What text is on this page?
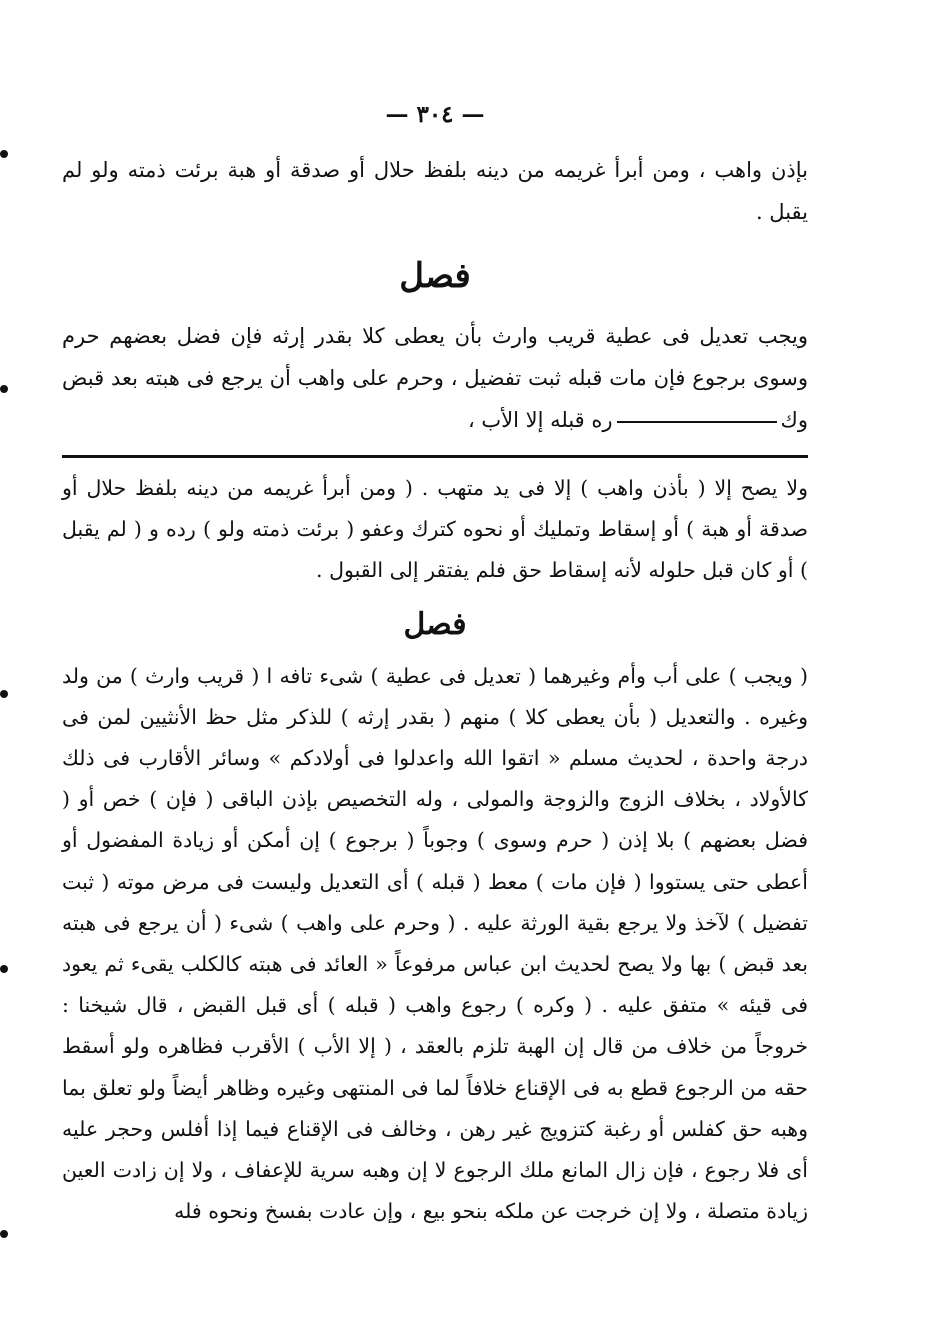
— ٣٠٤ —

بإذن واهب ، ومن أبرأ غريمه من دينه بلفظ حلال أو صدقة أو هبة برئت ذمته ولو لم يقبل .

فصل

ويجب تعديل فى عطية قريب وارث بأن يعطى كلا بقدر إرثه فإن فضل بعضهم حرم وسوى برجوع فإن مات قبله ثبت تفضيل ، وحرم على واهب أن يرجع فى هبته بعد قبض وكره قبله إلا الأب ،

ولا يصح إلا ( بأذن واهب ) إلا فى يد متهب . ( ومن أبرأ غريمه من دينه بلفظ حلال أو صدقة أو هبة ) أو إسقاط وتمليك أو نحوه كترك وعفو ( برئت ذمته ولو ) رده و ( لم يقبل ) أو كان قبل حلوله لأنه إسقاط حق فلم يفتقر إلى القبول .

فصل

( ويجب ) على أب وأم وغيرهما ( تعديل فى عطية ) شىء تافه ا ( قريب وارث ) من ولد وغيره . والتعديل ( بأن يعطى كلا ) منهم ( بقدر إرثه ) للذكر مثل حظ الأنثيين لمن فى درجة واحدة ، لحديث مسلم « اتقوا الله واعدلوا فى أولادكم » وسائر الأقارب فى ذلك كالأولاد ، بخلاف الزوج والزوجة والمولى ، وله التخصيص بإذن الباقى ( فإن ) خص أو ( فضل بعضهم ) بلا إذن ( حرم وسوى ) وجوباً ( برجوع ) إن أمكن أو زيادة المفضول أو أعطى حتى يستووا ( فإن مات ) معط ( قبله ) أى التعديل وليست فى مرض موته ( ثبت تفضيل ) لآخذ ولا يرجع بقية الورثة عليه . ( وحرم على واهب ) شىء ( أن يرجع فى هبته بعد قبض ) بها ولا يصح لحديث ابن عباس مرفوعاً « العائد فى هبته كالكلب يقىء ثم يعود فى قيئه » متفق عليه . ( وكره ) رجوع واهب ( قبله ) أى قبل القبض ، قال شيخنا : خروجاً من خلاف من قال إن الهبة تلزم بالعقد ، ( إلا الأب ) الأقرب فظاهره ولو أسقط حقه من الرجوع قطع به فى الإقناع خلافاً لما فى المنتهى وغيره وظاهر أيضاً ولو تعلق بما وهبه حق كفلس أو رغبة كتزويج غير رهن ، وخالف فى الإقناع فيما إذا أفلس وحجر عليه أى فلا رجوع ، فإن زال المانع ملك الرجوع لا إن وهبه سرية للإعفاف ، ولا إن زادت العين زيادة متصلة ، ولا إن خرجت عن ملكه بنحو بيع ، وإن عادت بفسخ ونحوه فله
